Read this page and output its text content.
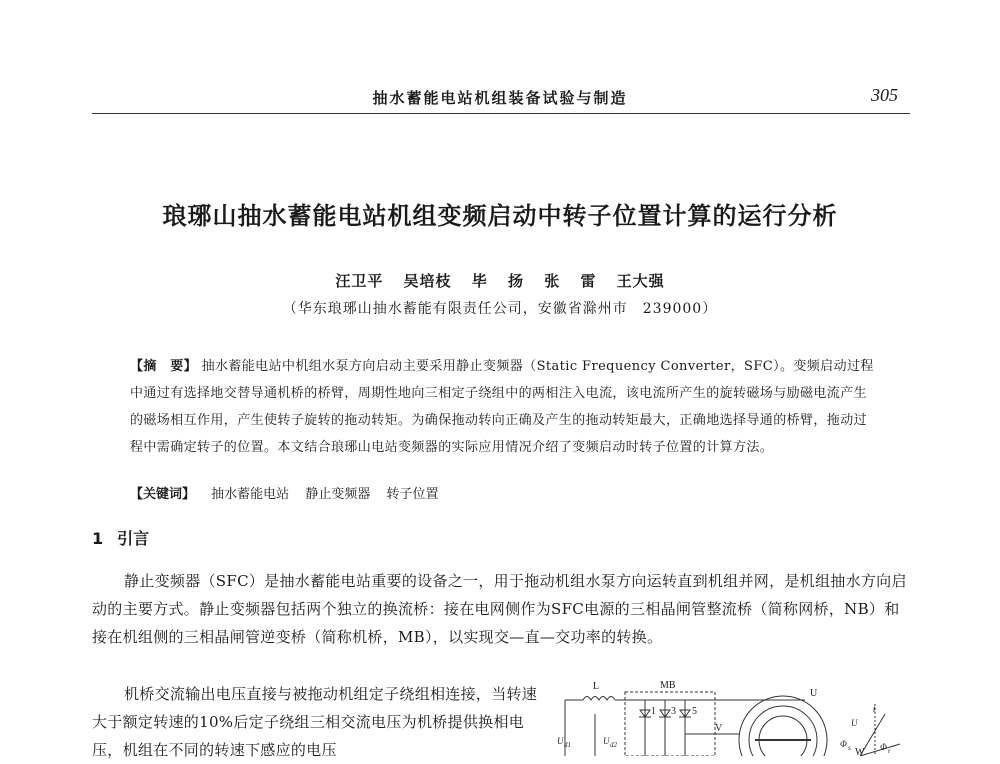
抽水蓄能电站机组装备试验与制造	305
琅琊山抽水蓄能电站机组变频启动中转子位置计算的运行分析
汪卫平 吴培枝 毕 扬 张 雷 王大强
（华东琅琊山抽水蓄能有限责任公司，安徽省滁州市　239000）
【摘　要】 抽水蓄能电站中机组水泵方向启动主要采用静止变频器（Static Frequency Converter，SFC）。变频启动过程中通过有选择地交替导通机桥的桥臂，周期性地向三相定子绕组中的两相注入电流，该电流所产生的旋转磁场与励磁电流产生的磁场相互作用，产生使转子旋转的拖动转矩。为确保拖动转向正确及产生的拖动转矩最大，正确地选择导通的桥臂，拖动过程中需确定转子的位置。本文结合琅琊山电站变频器的实际应用情况介绍了变频启动时转子位置的计算方法。
【关键词】 抽水蓄能电站 静止变频器 转子位置
1 引言
静止变频器（SFC）是抽水蓄能电站重要的设备之一，用于拖动机组水泵方向运转直到机组并网，是机组抽水方向启动的主要方式。静止变频器包括两个独立的换流桥：接在电网侧作为SFC电源的三相晶闸管整流桥（简称网桥，NB）和接在机组侧的三相晶闸管逆变桥（简称机桥，MB），以实现交—直—交功率的转换。
机桥交流输出电压直接与被拖动机组定子绕组相连接，当转速大于额定转速的10%后定子绕组三相交流电压为机桥提供换相电压，机组在不同的转速下感应的电压
L	MB
1 3 5
U d1	U d2
U
V	U
Φ s	Φ r
W
t
